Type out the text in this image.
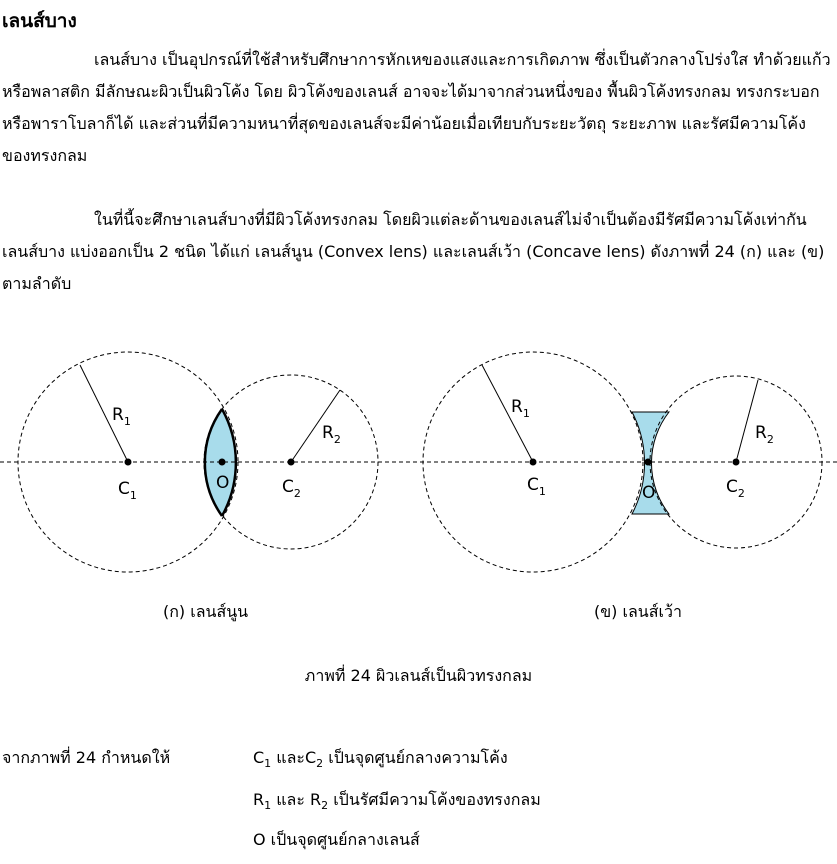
เลนส์บาง

เลนส์บาง เป็นอุปกรณ์ที่ใช้สำหรับศึกษาการหักเหของแสงและการเกิดภาพ ซึ่งเป็นตัวกลางโปร่งใส ทำด้วยแก้วหรือพลาสติก มีลักษณะผิวเป็นผิวโค้ง โดย ผิวโค้งของเลนส์ อาจจะได้มาจากส่วนหนึ่งของ พื้นผิวโค้งทรงกลม ทรงกระบอก หรือพาราโบลาก็ได้ และส่วนที่มีความหนาที่สุดของเลนส์จะมีค่าน้อยเมื่อเทียบกับระยะวัตถุ ระยะภาพ และรัศมีความโค้งของทรงกลม

ในที่นี้จะศึกษาเลนส์บางที่มีผิวโค้งทรงกลม โดยผิวแต่ละด้านของเลนส์ไม่จำเป็นต้องมีรัศมีความโค้งเท่ากัน เลนส์บาง แบ่งออกเป็น 2 ชนิด ได้แก่ เลนส์นูน (Convex lens) และเลนส์เว้า (Concave lens) ดังภาพที่ 24 (ก) และ (ข) ตามลำดับ

$R_1$
$R_2$
$C_1$	$C_2$
O
$R_1$
$R_2$
$C_1$	$C_2$
O
(ก) เลนส์นูน	(ข) เลนส์เว้า
ภาพที่ 24 ผิวเลนส์เป็นผิวทรงกลม
จากภาพที่ 24 กำหนดให้	$C_1$ และ$C_2$ เป็นจุดศูนย์กลางความโค้ง
$R_1$ และ $R_2$ เป็นรัศมีความโค้งของทรงกลม
O เป็นจุดศูนย์กลางเลนส์
